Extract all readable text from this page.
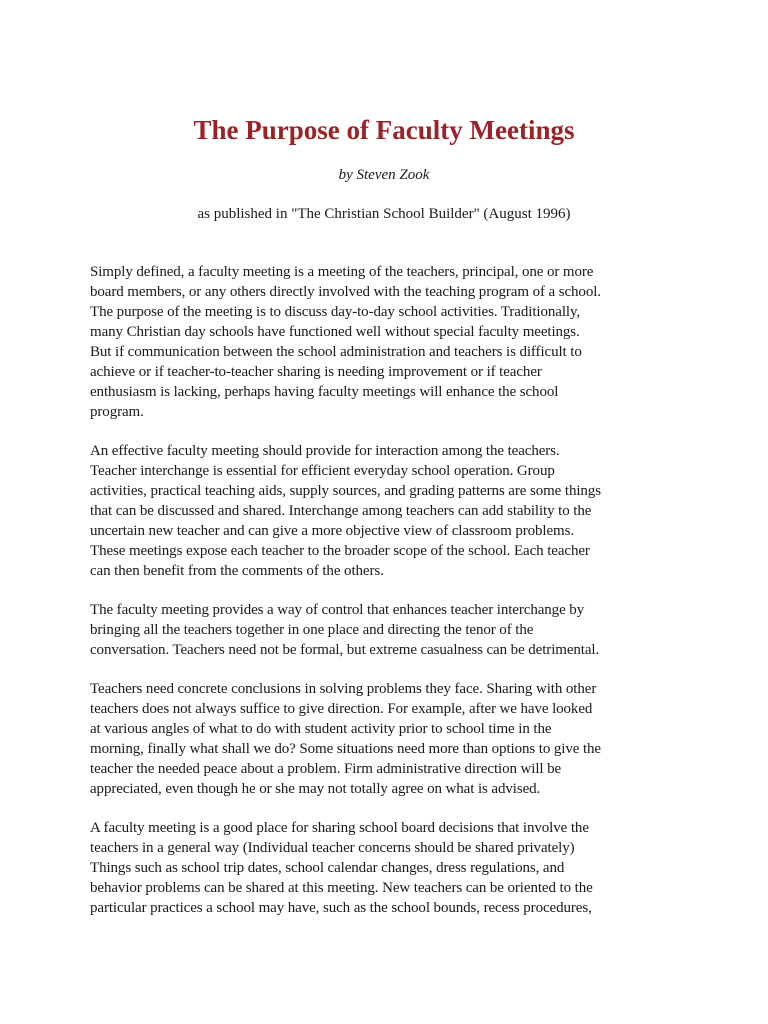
The Purpose of Faculty Meetings

by Steven Zook

as published in "The Christian School Builder" (August 1996)

Simply defined, a faculty meeting is a meeting of the teachers, principal, one or more
board members, or any others directly involved with the teaching program of a school.
The purpose of the meeting is to discuss day-to-day school activities. Traditionally,
many Christian day schools have functioned well without special faculty meetings.
But if communication between the school administration and teachers is difficult to
achieve or if teacher-to-teacher sharing is needing improvement or if teacher
enthusiasm is lacking, perhaps having faculty meetings will enhance the school
program.

An effective faculty meeting should provide for interaction among the teachers.
Teacher interchange is essential for efficient everyday school operation. Group
activities, practical teaching aids, supply sources, and grading patterns are some things
that can be discussed and shared. Interchange among teachers can add stability to the
uncertain new teacher and can give a more objective view of classroom problems.
These meetings expose each teacher to the broader scope of the school. Each teacher
can then benefit from the comments of the others.

The faculty meeting provides a way of control that enhances teacher interchange by
bringing all the teachers together in one place and directing the tenor of the
conversation. Teachers need not be formal, but extreme casualness can be detrimental.

Teachers need concrete conclusions in solving problems they face. Sharing with other
teachers does not always suffice to give direction. For example, after we have looked
at various angles of what to do with student activity prior to school time in the
morning, finally what shall we do? Some situations need more than options to give the
teacher the needed peace about a problem. Firm administrative direction will be
appreciated, even though he or she may not totally agree on what is advised.

A faculty meeting is a good place for sharing school board decisions that involve the
teachers in a general way (Individual teacher concerns should be shared privately)
Things such as school trip dates, school calendar changes, dress regulations, and
behavior problems can be shared at this meeting. New teachers can be oriented to the
particular practices a school may have, such as the school bounds, recess procedures,
